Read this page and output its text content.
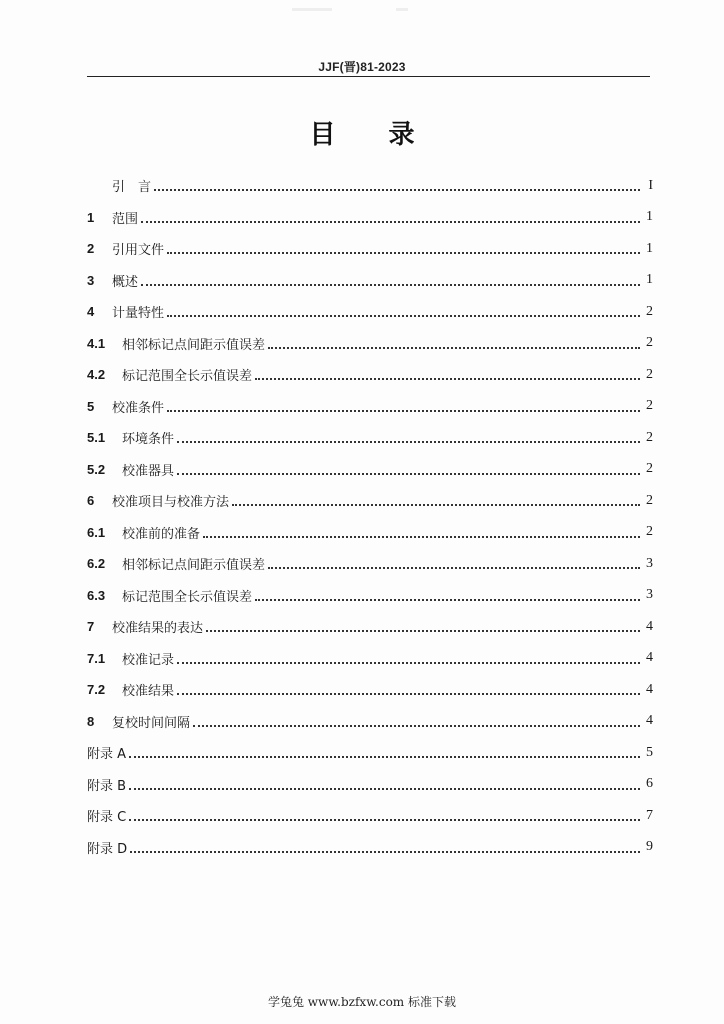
JJF(晋)81-2023
目 录
引　言	I
1	范围	1
2	引用文件	1
3	概述	1
4	计量特性	2
4.1	相邻标记点间距示值误差	2
4.2	标记范围全长示值误差	2
5	校准条件	2
5.1	环境条件	2
5.2	校准器具	2
6	校准项目与校准方法	2
6.1	校准前的准备	2
6.2	相邻标记点间距示值误差	3
6.3	标记范围全长示值误差	3
7	校准结果的表达	4
7.1	校准记录	4
7.2	校准结果	4
8	复校时间间隔	4
附录 A	5
附录 B	6
附录 C	7
附录 D	9
学兔兔 www.bzfxw.com 标准下载
